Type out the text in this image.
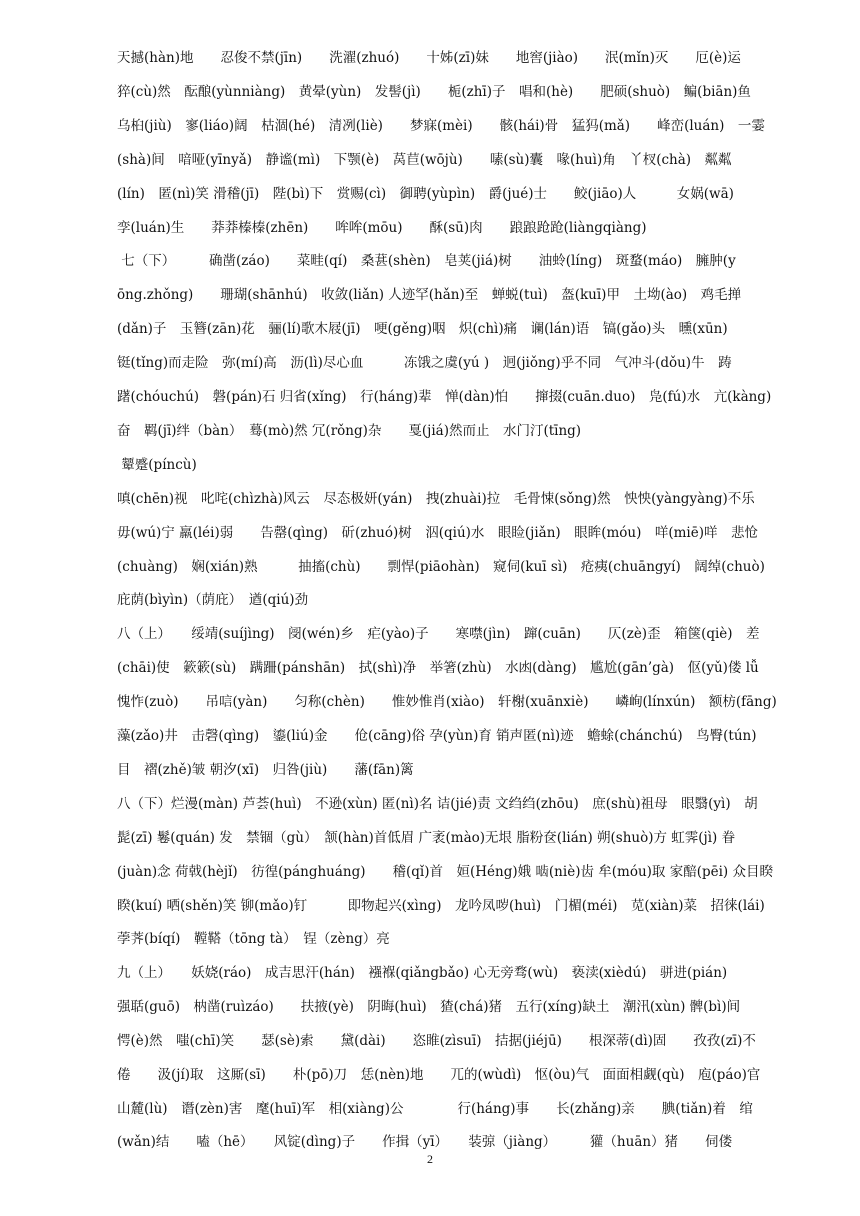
天撼(hàn)地　　忍俊不禁(jīn)　　洗濯(zhuó)　　十姊(zī)妹　　地窖(jiào)　　泯(mǐn)灭　　厄(è)运
猝(cù)然　酝酿(yùnniàng)　黄晕(yùn)　发髻(jì)　　栀(zhī)子　唱和(hè)　　肥硕(shuò)　鳊(biān)鱼
乌桕(jiù)　寥(liáo)阔　枯涸(hé)　清冽(liè)　　梦寐(mèi)　　骸(hái)骨　猛犸(mǎ)　　峰峦(luán)　一霎
(shà)间　喑哑(yīnyǎ)　静谧(mì)　下颚(è)　莴苣(wōjù)　　嗉(sù)囊　喙(huì)角　丫杈(chà)　粼粼
(lín)　匿(nì)笑 滑稽(jī)　陛(bì)下　赏赐(cì)　御聘(yùpìn)　爵(jué)士　　鲛(jiāo)人　　　女娲(wā)
孪(luán)生　　莽莽榛榛(zhēn)　　哞哞(mōu)　　酥(sū)肉　　踉踉跄跄(liàngqiàng)
七（下）　　　确凿(záo)　　菜畦(qí)　桑葚(shèn)　皂荚(jiá)树　　油蛉(líng)　斑蝥(máo)　臃肿(y
ōng.zhǒng)　　珊瑚(shānhú)　收敛(liǎn) 人迹罕(hǎn)至　蝉蜕(tuì)　盔(kuī)甲　土坳(ào)　鸡毛掸
(dǎn)子　玉簪(zān)花　骊(lí)歌木屐(jī)　哽(gěng)咽　炽(chì)痛　谰(lán)语　镐(gǎo)头　曛(xūn)
铤(tǐng)而走险　弥(mí)高　沥(lì)尽心血　　　冻饿之虞(yú )　迥(jiǒng)乎不同　气冲斗(dǒu)牛　踌
躇(chóuchú)　磐(pán)石 归省(xǐng)　行(háng)辈　惮(dàn)怕　　撺掇(cuān.duo)　凫(fú)水　亢(kàng)
奋　羁(jī)绊（bàn）　蓦(mò)然 冗(rǒng)杂　　戛(jiá)然而止　水门汀(tīng)
颦蹙(píncù)
嗔(chēn)视　叱咤(chìzhà)风云　尽态极妍(yán)　拽(zhuài)拉　毛骨悚(sǒng)然　怏怏(yàngyàng)不乐
毋(wú)宁 羸(léi)弱　　告罄(qìng)　斫(zhuó)树　泅(qiú)水　眼睑(jiǎn)　眼眸(móu)　咩(miē)咩　悲怆
(chuàng)　娴(xián)熟　　　抽搐(chù)　　剽悍(piāohàn)　窥伺(kuī sì)　疮痍(chuāngyí)　阔绰(chuò)
庇荫(bìyìn)（荫庇）　遒(qiú)劲
八（上）　　绥靖(suíjìng)　阌(wén)乡　疟(yào)子　　寒噤(jìn)　蹿(cuān)　　仄(zè)歪　箱箧(qiè)　差
(chāi)使　簌簌(sù)　蹒跚(pánshān)　拭(shì)净　举箸(zhù)　水凼(dàng)　尴尬(gān’gà)　伛(yǔ)偻 lǚ
愧怍(zuò)　　吊唁(yàn)　　匀称(chèn)　　惟妙惟肖(xiào)　轩榭(xuānxiè)　　嶙峋(línxún)　额枋(fāng)
藻(zǎo)井　击磬(qìng)　鎏(liú)金　　伧(cāng)俗 孕(yùn)育 销声匿(nì)迹　蟾蜍(chánchú)　鸟臀(tún)
目　褶(zhě)皱 朝汐(xī)　归咎(jiù)　　藩(fān)篱
八（下）烂漫(màn) 芦荟(huì)　不逊(xùn) 匿(nì)名 诘(jié)责 文绉绉(zhōu)　庶(shù)祖母　眼翳(yì)　胡
髭(zī) 鬈(quán) 发　禁锢（gù）　颔(hàn)首低眉 广袤(mào)无垠 脂粉奁(lián) 朔(shuò)方 虹霁(jì) 眷
(juàn)念 荷戟(hèjǐ)　彷徨(pánghuáng)　　稽(qǐ)首　姮(Héng)娥 啮(niè)齿 牟(móu)取 家醅(pēi) 众目睽
睽(kuí) 哂(shěn)笑 铆(mǎo)钉　　　即物起兴(xìng)　龙吟凤哕(huì)　门楣(méi)　苋(xiàn)菜　招徕(lái)
荸荠(bíqí)　鞺鞳（tōng tà）　锃（zèng）亮
九（上）　　妖娆(ráo)　成吉思汗(hán)　襁褓(qiǎngbǎo) 心无旁骛(wù)　亵渎(xièdú)　骈进(pián)
强聒(guō)　枘凿(ruìzáo)　　扶掖(yè)　阴晦(huì)　猹(chá)猪　五行(xíng)缺土　潮汛(xùn) 髀(bì)间
愕(è)然　嗤(chī)笑　　瑟(sè)索　　黛(dài)　　恣睢(zìsuī)　拮据(jiéjū)　　根深蒂(dì)固　　孜孜(zī)不
倦　　汲(jí)取　这厮(sī)　　朴(pō)刀　恁(nèn)地　　兀的(wùdì)　怄(òu)气　面面相觑(qù)　庖(páo)官
山麓(lù)　谮(zèn)害　麾(huī)军　相(xiàng)公　　　　行(háng)事　　长(zhǎng)亲　　腆(tiǎn)着　绾
(wǎn)结　　嗑（hē）　　风锭(dìng)子　　作揖（yī）　　装弶（jiàng）　　　獾（huān）猪　　伺偻
2
